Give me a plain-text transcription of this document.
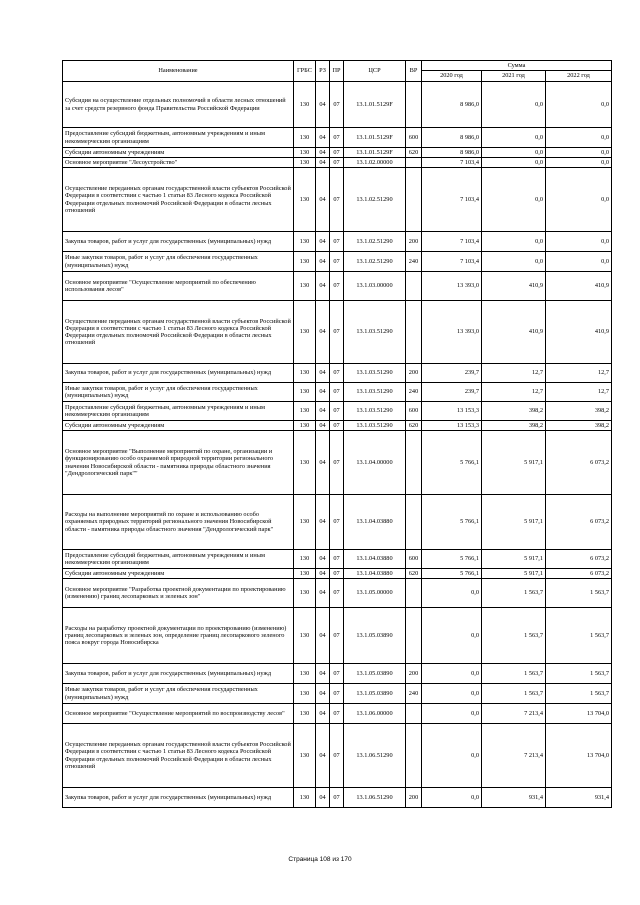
Наименование	ГРБС	РЗ	ПР	ЦСР	ВР	Сумма		
						2020 год	2021 год	2022 год
Субсидия на осуществление отдельных полномочий в области лесных отношений за счет средств резервного фонда Правительства Российской Федерации	130	04	07	13.1.01.5129F		8 986,0	0,0	0,0
Предоставление субсидий бюджетным, автономным учреждениям и иным некоммерческим организациям	130	04	07	13.1.01.5129F	600	8 986,0	0,0	0,0
Субсидии автономным учреждениям	130	04	07	13.1.01.5129F	620	8 986,0	0,0	0,0
Основное мероприятие "Лесоустройство"	130	04	07	13.1.02.00000		7 103,4	0,0	0,0
Осуществление переданных органам государственной власти субъектов Российской Федерации в соответствии с частью 1 статьи 83 Лесного кодекса Российской Федерации отдельных полномочий Российской Федерации в области лесных отношений	130	04	07	13.1.02.51290		7 103,4	0,0	0,0
Закупка товаров, работ и услуг для государственных (муниципальных) нужд	130	04	07	13.1.02.51290	200	7 103,4	0,0	0,0
Иные закупки товаров, работ и услуг для обеспечения государственных (муниципальных) нужд	130	04	07	13.1.02.51290	240	7 103,4	0,0	0,0
Основное мероприятие "Осуществление мероприятий по обеспечению использования лесов"	130	04	07	13.1.03.00000		13 393,0	410,9	410,9
Осуществление переданных органам государственной власти субъектов Российской Федерации в соответствии с частью 1 статьи 83 Лесного кодекса Российской Федерации отдельных полномочий Российской Федерации в области лесных отношений	130	04	07	13.1.03.51290		13 393,0	410,9	410,9
Закупка товаров, работ и услуг для государственных (муниципальных) нужд	130	04	07	13.1.03.51290	200	239,7	12,7	12,7
Иные закупки товаров, работ и услуг для обеспечения государственных (муниципальных) нужд	130	04	07	13.1.03.51290	240	239,7	12,7	12,7
Предоставление субсидий бюджетным, автономным учреждениям и иным некоммерческим организациям	130	04	07	13.1.03.51290	600	13 153,3	398,2	398,2
Субсидии автономным учреждениям	130	04	07	13.1.03.51290	620	13 153,3	398,2	398,2
Основное мероприятие "Выполнение мероприятий по охране, организации и функционированию особо охраняемой природной территории регионального значения Новосибирской области - памятника природы областного значения "Дендрологический парк""	130	04	07	13.1.04.00000		5 766,1	5 917,1	6 073,2
Расходы на выполнение мероприятий по охране и использованию особо охраняемых природных территорий регионального значения Новосибирской области - памятника природы областного значения "Дендрологический парк"	130	04	07	13.1.04.03880		5 766,1	5 917,1	6 073,2
Предоставление субсидий бюджетным, автономным учреждениям и иным некоммерческим организациям	130	04	07	13.1.04.03880	600	5 766,1	5 917,1	6 073,2
Субсидии автономным учреждениям	130	04	07	13.1.04.03880	620	5 766,1	5 917,1	6 073,2
Основное мероприятие "Разработка проектной документации по проектированию (изменению) границ лесопарковых и зеленых зон"	130	04	07	13.1.05.00000		0,0	1 563,7	1 563,7
Расходы на разработку проектной документации по проектированию (изменению) границ лесопарковых и зеленых зон, определение границ лесопаркового зеленого пояса вокруг города Новосибирска	130	04	07	13.1.05.03890		0,0	1 563,7	1 563,7
Закупка товаров, работ и услуг для государственных (муниципальных) нужд	130	04	07	13.1.05.03890	200	0,0	1 563,7	1 563,7
Иные закупки товаров, работ и услуг для обеспечения государственных (муниципальных) нужд	130	04	07	13.1.05.03890	240	0,0	1 563,7	1 563,7
Основное мероприятие "Осуществление мероприятий по воспроизводству лесов"	130	04	07	13.1.06.00000		0,0	7 213,4	13 704,0
Осуществление переданных органам государственной власти субъектов Российской Федерации в соответствии с частью 1 статьи 83 Лесного кодекса Российской Федерации отдельных полномочий Российской Федерации в области лесных отношений	130	04	07	13.1.06.51290		0,0	7 213,4	13 704,0
Закупка товаров, работ и услуг для государственных (муниципальных) нужд	130	04	07	13.1.06.51290	200	0,0	931,4	931,4
Страница 108 из 170
